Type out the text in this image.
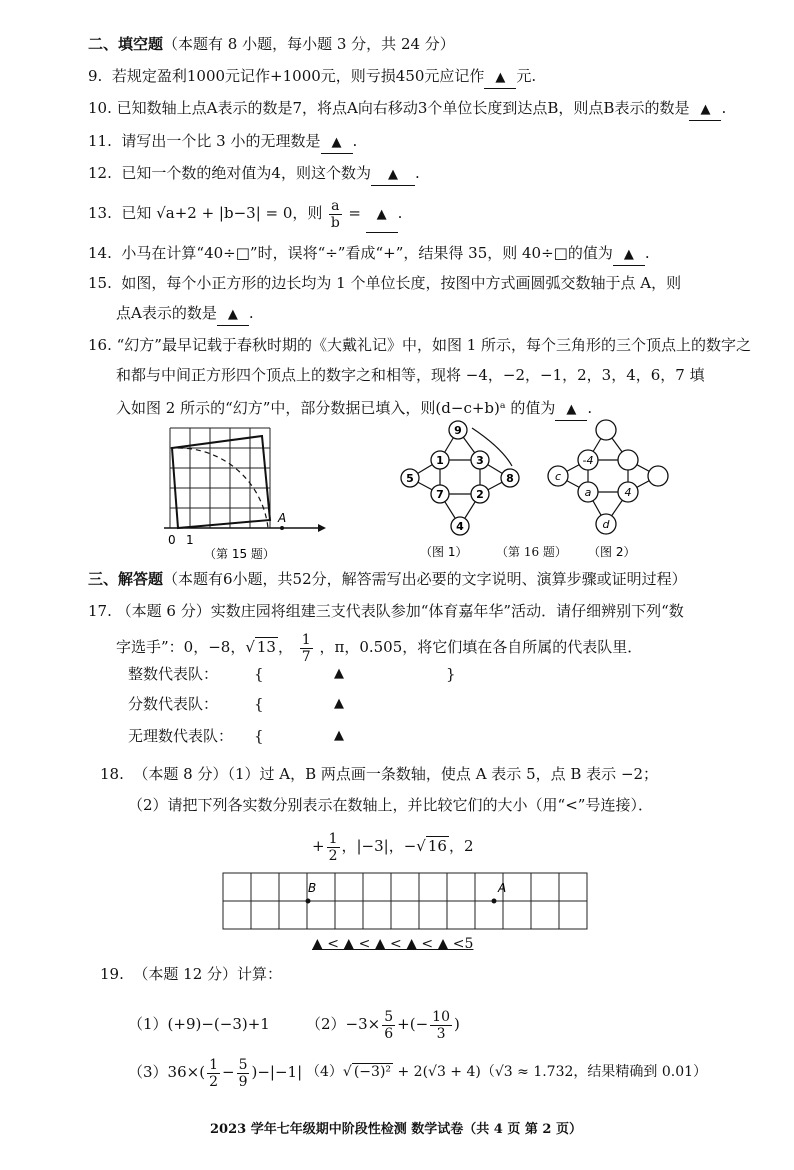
二、填空题（本题有 8 小题，每小题 3 分，共 24 分）
9. 若规定盈利1000元记作+1000元，则亏损450元应记作 ▲ 元.
10. 已知数轴上点A表示的数是7，将点A向右移动3个单位长度到达点B，则点B表示的数是 ▲ .
11. 请写出一个比 3 小的无理数是 ▲ .
12. 已知一个数的绝对值为4，则这个数为 ▲ .
13. 已知 √a+2 + |b−3| = 0，则 $\frac{a}{b}$ = ▲ .
14. 小马在计算“40÷□”时，误将“÷”看成“+”，结果得 35，则 40÷□的值为 ▲ .
15. 如图，每个小正方形的边长均为 1 个单位长度，按图中方式画圆弧交数轴于点 A，则
点A表示的数是 ▲ .
16. “幻方”最早记载于春秋时期的《大戴礼记》中，如图 1 所示，每个三角形的三个顶点上的数字之
和都与中间正方形四个顶点上的数字之和相等，现将 −4，−2，−1，2，3，4，6，7 填
入如图 2 所示的“幻方”中，部分数据已填入，则(d−c+b)ᵃ 的值为 ▲ .
0 1
A
（第 15 题）
9
1	3
5	8
7	2
4
（图 1） （第 16 题）
-4
c
a	4
d
（图 2）
三、解答题（本题有6小题，共52分，解答需写出必要的文字说明、演算步骤或证明过程）
17. （本题 6 分）实数庄园将组建三支代表队参加“体育嘉年华”活动．请仔细辨别下列“数
字选手”：0，−8，√ 13 ， $\frac{1}{7}$ ，π，0.505，将它们填在各自所属的代表队里．
整数代表队： {	▲	}
分数代表队： {	▲
无理数代表队： {	▲
18. （本题 8 分）（1）过 A，B 两点画一条数轴，使点 A 表示 5，点 B 表示 −2；
（2）请把下列各实数分别表示在数轴上，并比较它们的大小（用“<”号连接）．
+ $\frac{1}{2}$ ，|−3|，−√ 16 ，2
B	A
▲ < ▲ < ▲ < ▲ < ▲ <5
19. （本题 12 分）计算：
（1）(+9)−(−3)+1 $(2)-3\times \frac{5}{6}$ +(− $\frac{10}{3}$ )
$(3)36\times( \frac{1}{2} - \frac{5}{9} )-|-1|$ （4）√ (−3)² + 2(√3 + 4)（√3 ≈ 1.732，结果精确到 0.01）
2023 学年七年级期中阶段性检测 数学试卷（共 4 页 第 2 页）
